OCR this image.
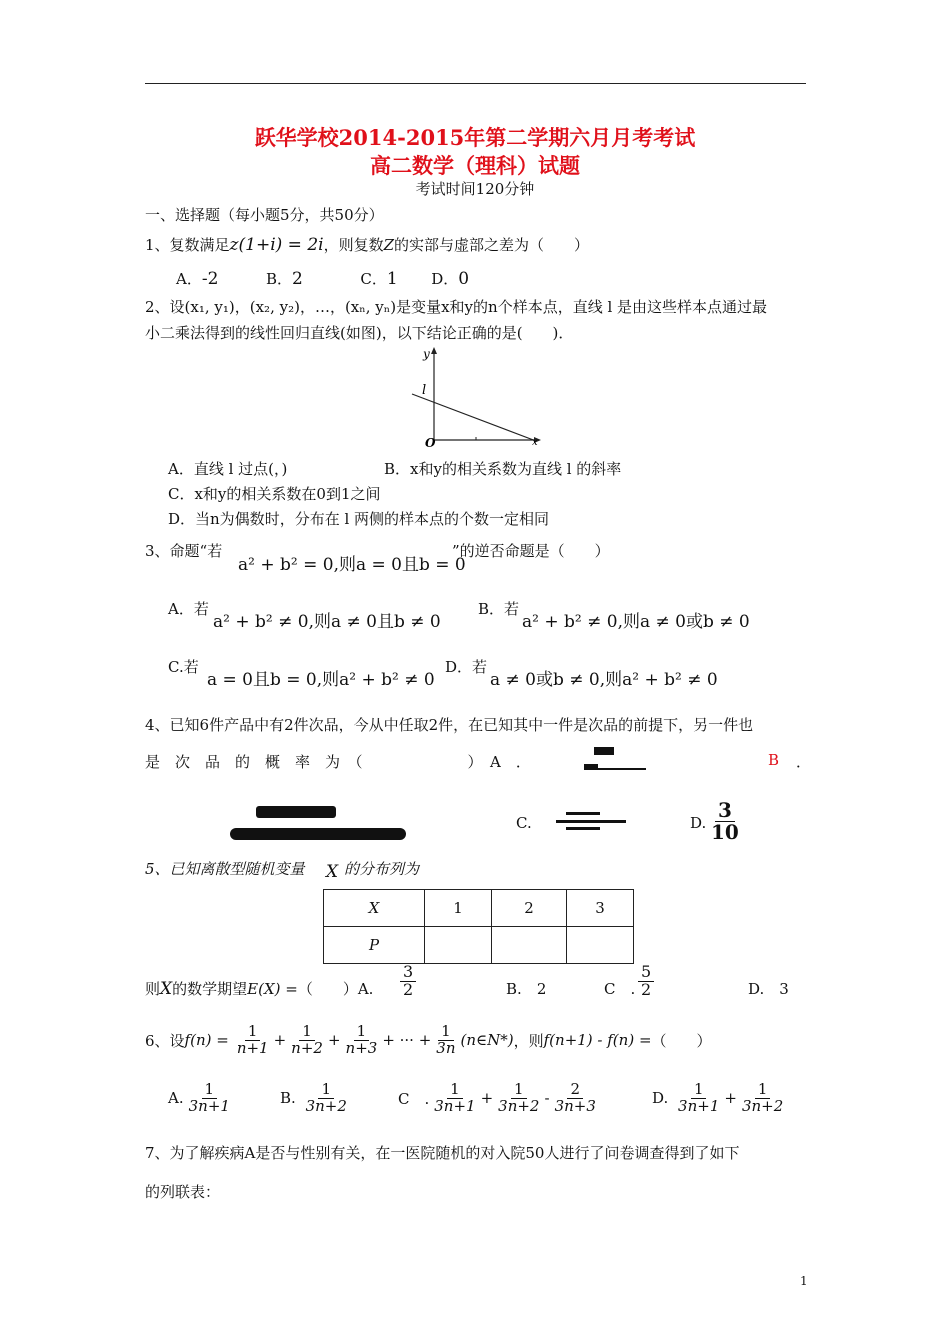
跃华学校2014-2015年第二学期六月月考考试
高二数学（理科）试题
考试时间120分钟
一、选择题（每小题5分，共50分）
1、复数满足z(1+i) = 2i，则复数Z的实部与虚部之差为（　　）
A．-2	B．2	C．1 D．0
2、设(x₁, y₁)，(x₂, y₂)，…，(xₙ, yₙ)是变量x和y的n个样本点，直线 l 是由这些样本点通过最
小二乘法得到的线性回归直线(如图)，以下结论正确的是(　　)．
y
l
O	x
A．直线 l 过点(，)	B．x和y的相关系数为直线 l 的斜率
C．x和y的相关系数在0到1之间
D．当n为偶数时，分布在 l 两侧的样本点的个数一定相同
3、命题“若
a² + b² = 0,则a = 0且b = 0
”的逆否命题是（　　）
A．若
a² + b² ≠ 0,则a ≠ 0且b ≠ 0
B．若
a² + b² ≠ 0,则a ≠ 0或b ≠ 0
C.若
a = 0且b = 0,则a² + b² ≠ 0
D．若
a ≠ 0或b ≠ 0,则a² + b² ≠ 0
4、已知6件产品中有2件次品，今从中任取2件，在已知其中一件是次品的前提下，另一件也
是　次　品　的　概　率　为　（　　　　　　　）　A　．	B ．
C.	D. $\frac{3}{10}$
5、已知离散型随机变量 X 的分布列为
X	1	2	3
P			
则X的数学期望E(X) =（　　）A. $\frac{3}{2}$	B.　 2	C　. $\frac{5}{2}$	D.　3
6、设 $f(n) = \frac{1}{n+1} + \frac{1}{n+2} + \frac{1}{n+3}$ + ··· + $\frac{1}{3n}$ (n∈N*) ，则 f(n+1) - f(n) = （　　）
A. $\frac{1}{3n+1}$	B.
$\frac{1}{3n+2}$	C　. $\frac{1}{3n+1} + \frac{1}{3n+2} - \frac{2}{3n+3}$	D.
$\frac{1}{3n+1} + \frac{1}{3n+2}$
7、为了解疾病A是否与性别有关，在一医院随机的对入院50人进行了问卷调查得到了如下
的列联表：
1
